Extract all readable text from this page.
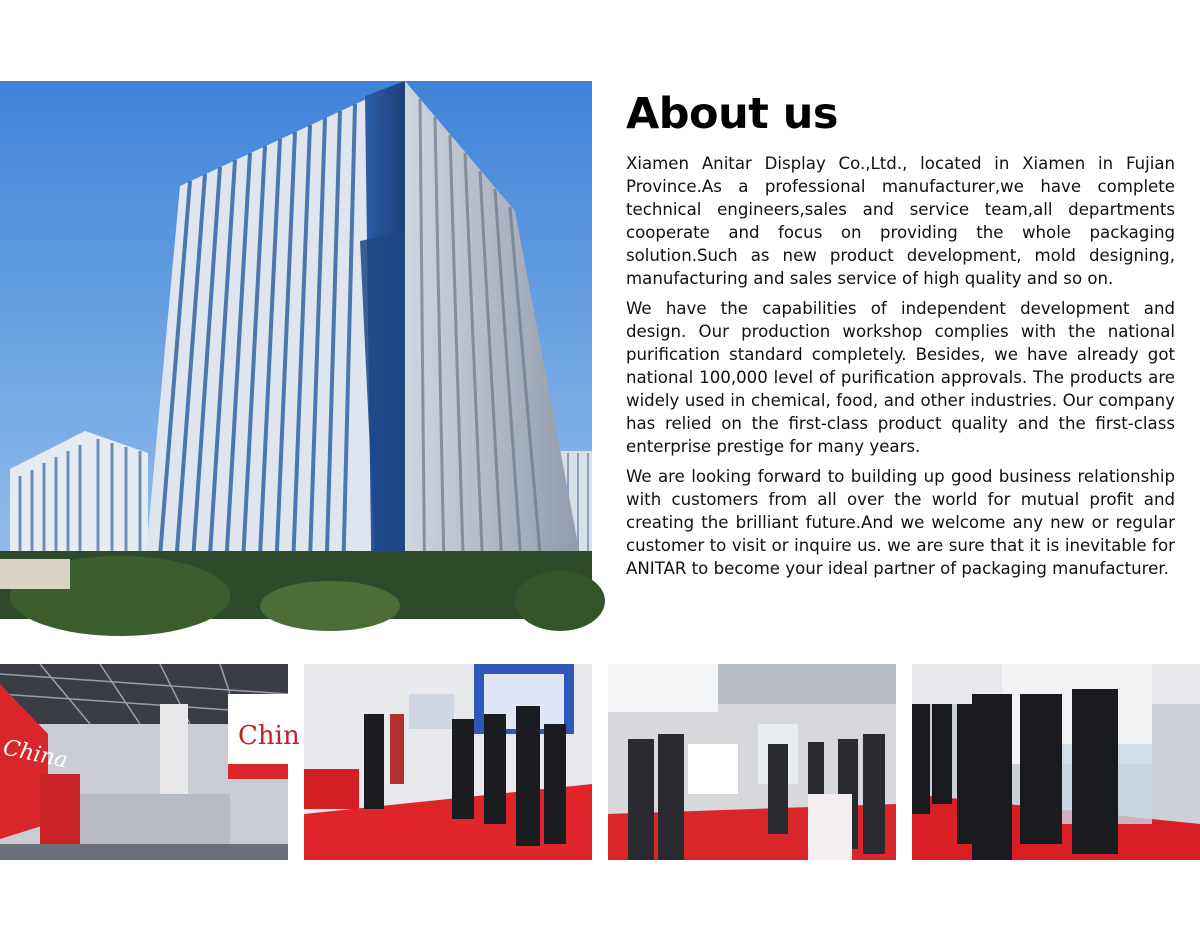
About us

Xiamen Anitar Display Co.,Ltd., located in Xiamen in Fujian Province.As a professional manufacturer,we have complete technical engineers,sales and service team,all departments cooperate and focus on providing the whole packaging solution.Such as new product development, mold designing, manufacturing and sales service of high quality and so on.

We have the capabilities of independent development and design. Our production workshop complies with the national purification standard completely. Besides, we have already got national 100,000 level of purification approvals. The products are widely used in chemical, food, and other industries. Our company has relied on the first-class product quality and the first-class enterprise prestige for many years.

We are looking forward to building up good business relationship with customers from all over the world for mutual profit and creating the brilliant future.And we welcome any new or regular customer to visit or inquire us. we are sure that it is inevitable for ANITAR to become your ideal partner of packaging manufacturer.

China	Chin
